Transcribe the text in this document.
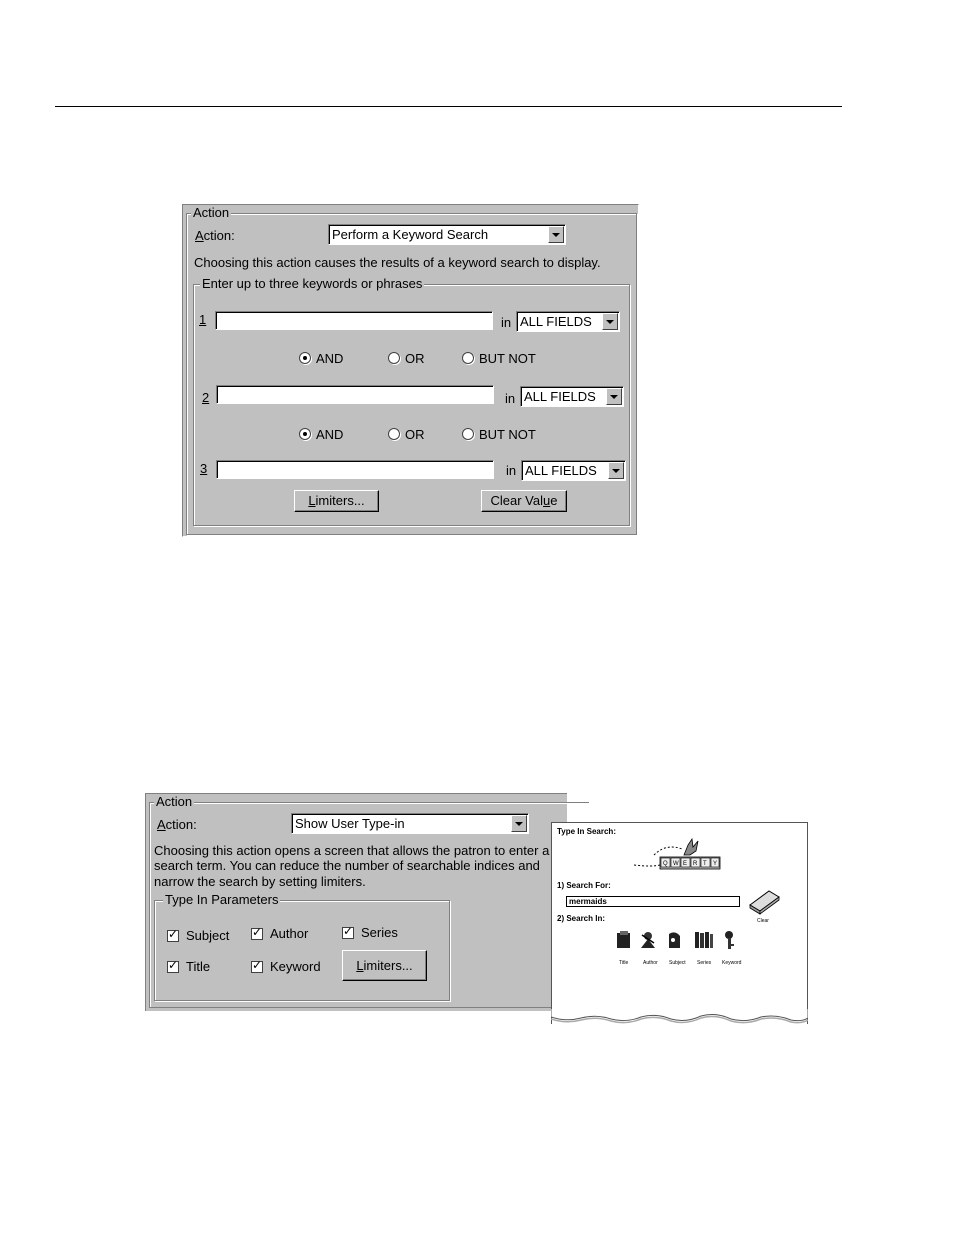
Action
Action:	Perform a Keyword Search
Choosing this action causes the results of a keyword search to display.
Enter up to three keywords or phrases
1	in ALL FIELDS
AND	OR	BUT NOT
2	in ALL FIELDS
AND	OR	BUT NOT
3	in ALL FIELDS
Limiters...	Clear Value
Action
Action:	Show User Type-in
Choosing this action opens a screen that allows the patron to enter a
search term. You can reduce the number of searchable indices and
narrow the search by setting limiters.
Type In Parameters
✓Subject ✓	Author ✓	Series
✓Title ✓	Keyword	Limiters...
Type In Search:
Q W E R T Y
1) Search For:
mermaids
Clear
2) Search In:
Title	Author Subject Series Keyword
